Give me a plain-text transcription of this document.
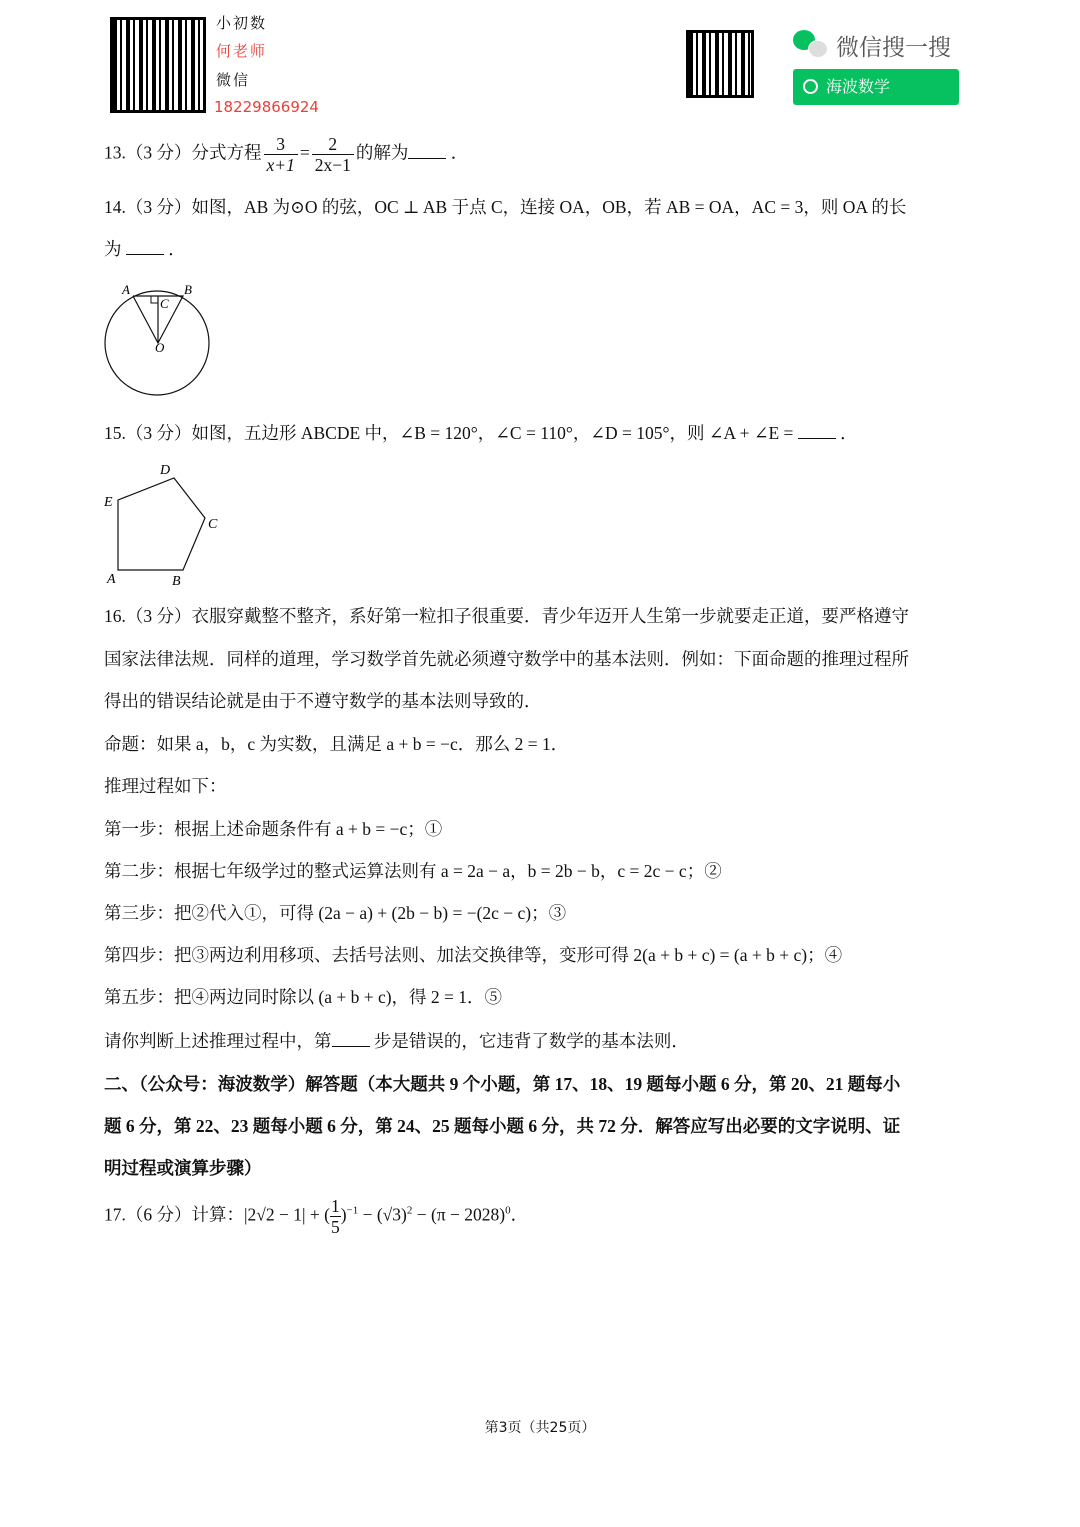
小初数
何老师
微信
18229866924
微信搜一搜
海波数学
13.（3 分）分式方程 $\frac{3}{x+1} = \frac{2}{2x-1}$ 的解为 ．
14.（3 分）如图，AB 为⊙O 的弦，OC ⊥ AB 于点 C，连接 OA，OB，若 AB = OA，AC = 3，则 OA 的长
为	．
A	B
C
O
15.（3 分）如图，五边形 ABCDE 中，∠B = 120°，∠C = 110°，∠D = 105°，则 ∠A + ∠E =	．
A	B
C
D
E
16.（3 分）衣服穿戴整不整齐，系好第一粒扣子很重要．青少年迈开人生第一步就要走正道，要严格遵守
国家法律法规．同样的道理，学习数学首先就必须遵守数学中的基本法则．例如：下面命题的推理过程所
得出的错误结论就是由于不遵守数学的基本法则导致的．
命题：如果 a，b，c 为实数，且满足 a + b = −c．那么 2 = 1．
推理过程如下：
第一步：根据上述命题条件有 a + b = −c；①
第二步：根据七年级学过的整式运算法则有 a = 2a − a，b = 2b − b，c = 2c − c；②
第三步：把②代入①，可得 (2a − a) + (2b − b) = −(2c − c)；③
第四步：把③两边利用移项、去括号法则、加法交换律等，变形可得 2(a + b + c) = (a + b + c)；④
第五步：把④两边同时除以 (a + b + c)，得 2 = 1．⑤
请你判断上述推理过程中，第 步是错误的，它违背了数学的基本法则．
二、（公众号：海波数学）解答题（本大题共 9 个小题，第 17、18、19 题每小题 6 分，第 20、21 题每小
题 6 分，第 22、23 题每小题 6 分，第 24、25 题每小题 6 分，共 72 分．解答应写出必要的文字说明、证
明过程或演算步骤）
17.（6 分）计算：|2√2 − 1| + ( $\frac{1}{5} )^{-1} - (√3)^2 - (\pi - 2028)^0$．
第3页（共25页）
